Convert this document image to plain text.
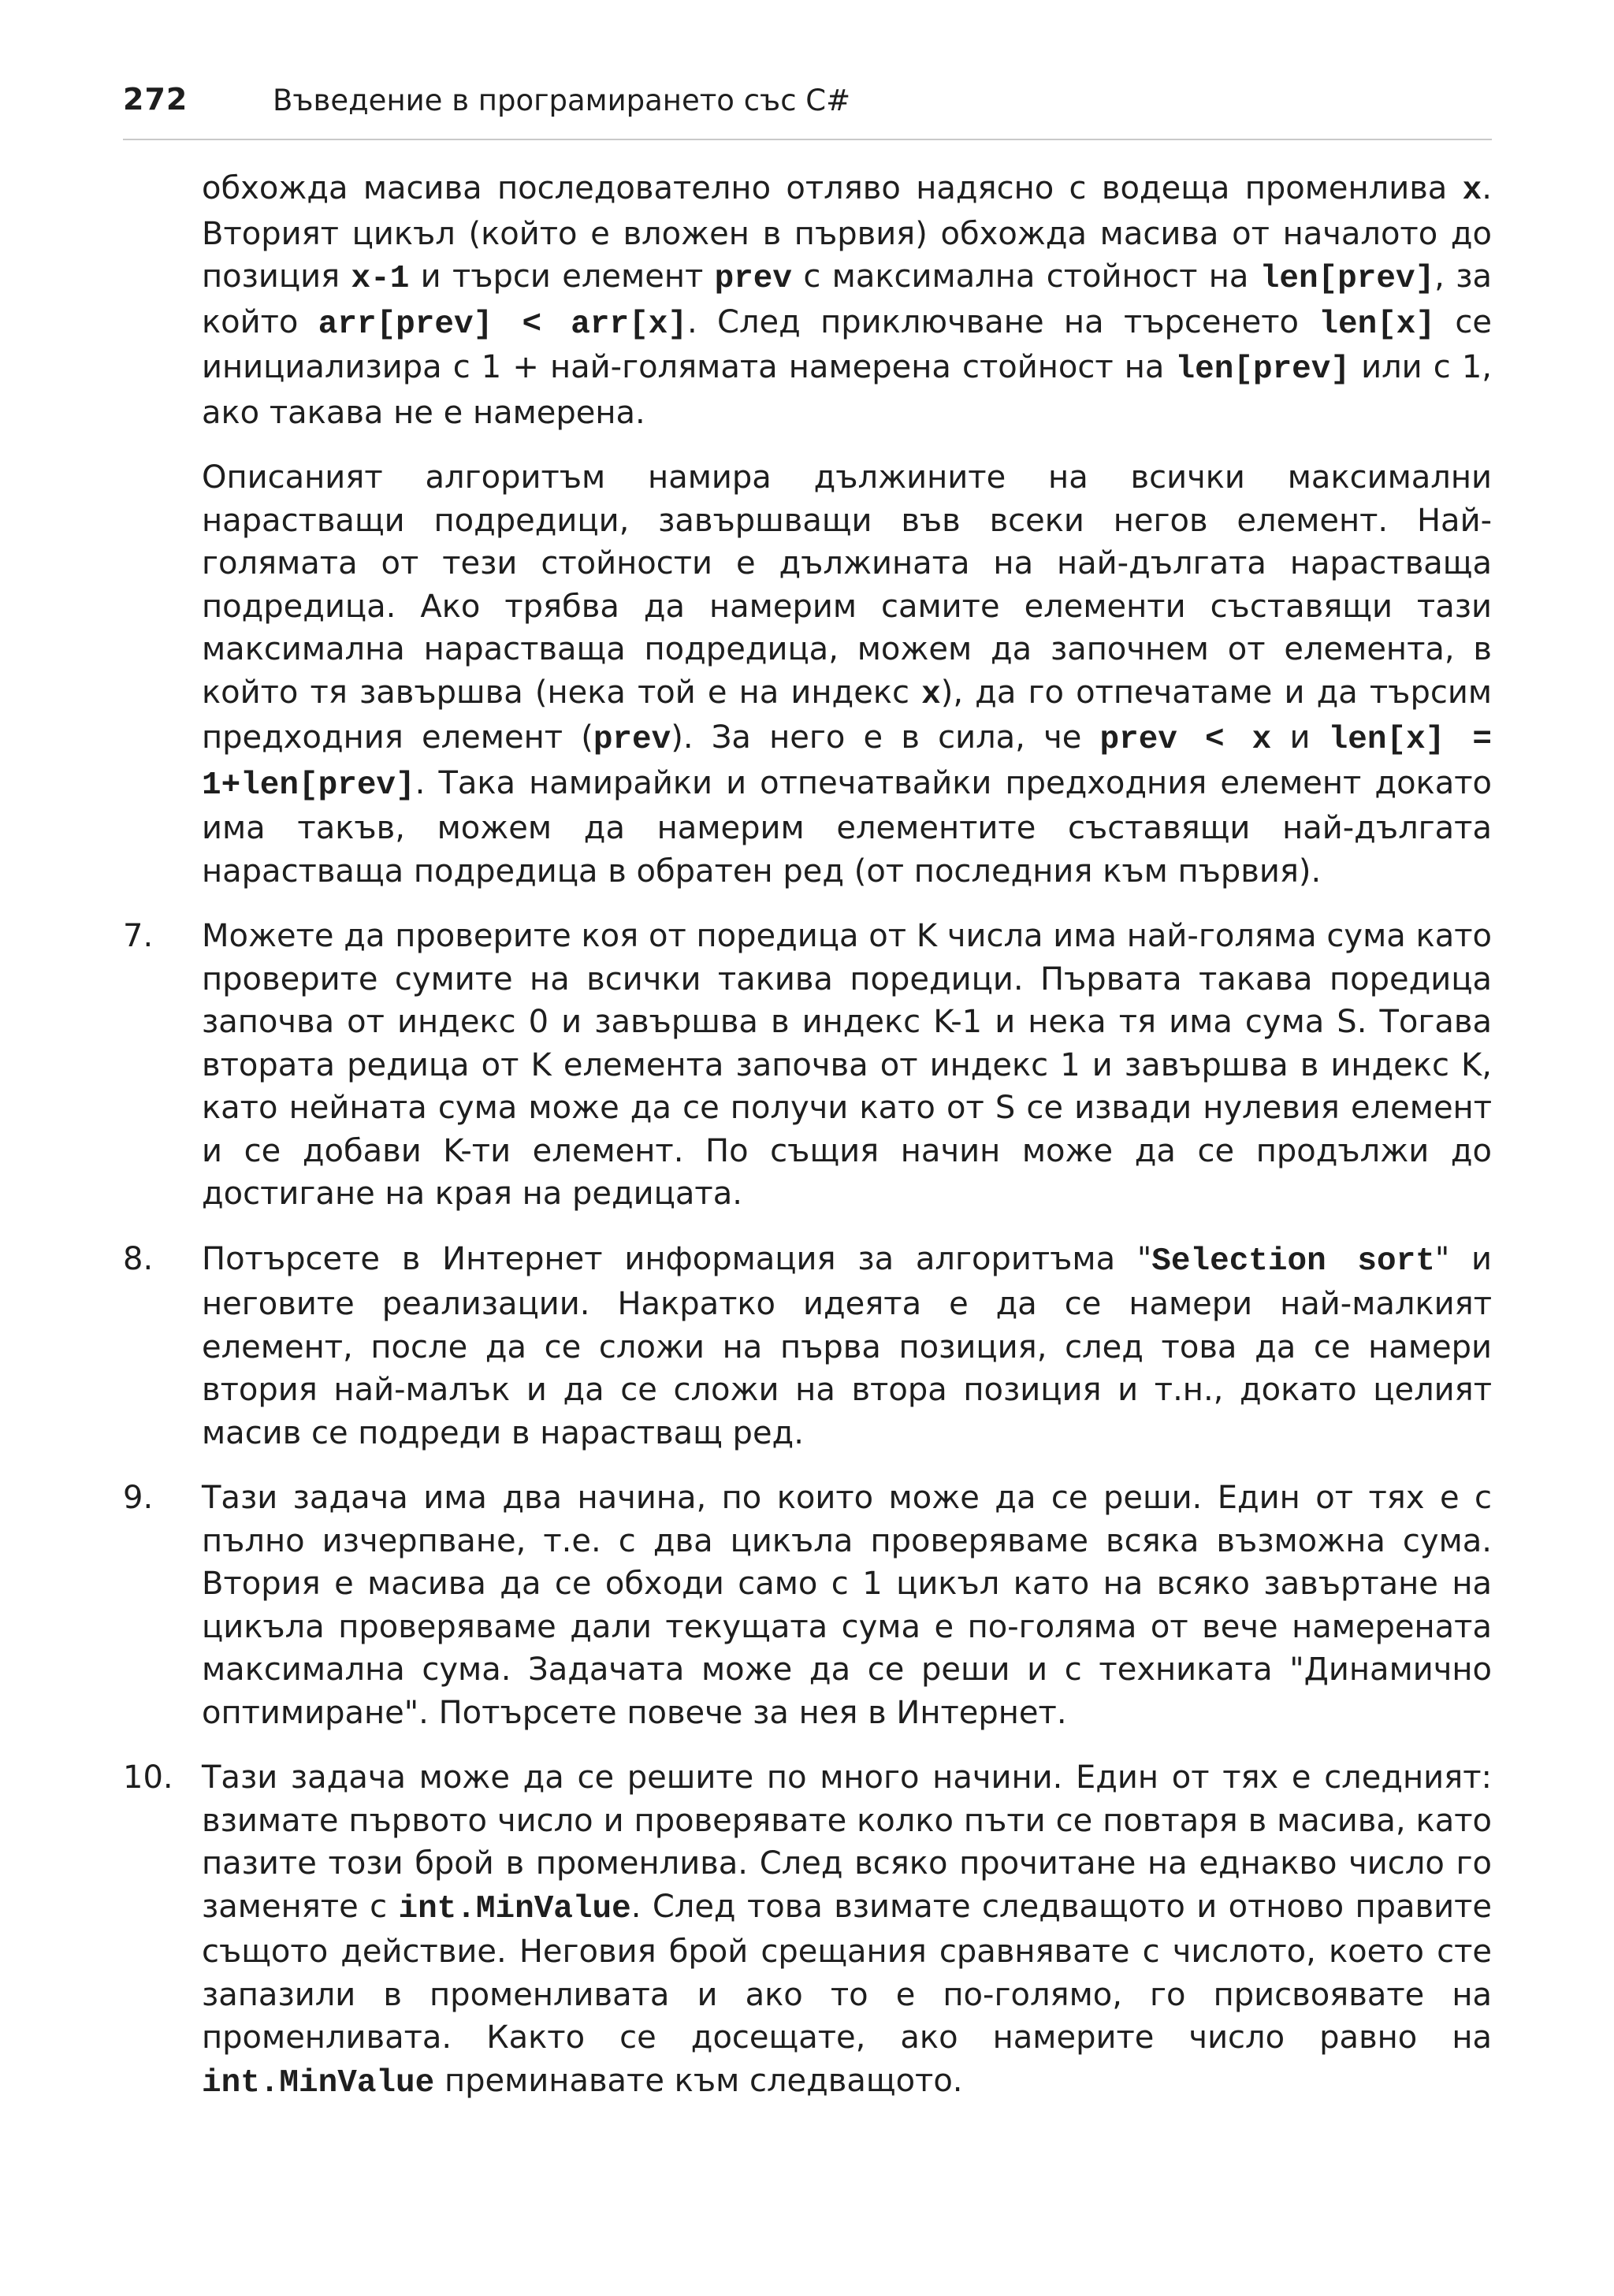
272	Въведение в програмирането със C#

обхожда масива последователно отляво надясно с водеща променлива x. Вторият цикъл (който е вложен в първия) обхожда масива от началото до позиция x-1 и търси елемент prev с максимална стойност на len[prev], за който arr[prev] < arr[x]. След приключване на търсенето len[x] се инициализира с 1 + най-голямата намерена стойност на len[prev] или с 1, ако такава не е намерена.

Описаният алгоритъм намира дължините на всички максимални нарастващи подредици, завършващи във всеки негов елемент. Най-голямата от тези стойности е дължината на най-дългата нарастваща подредица. Ако трябва да намерим самите елементи съставящи тази максимална нарастваща подредица, можем да започнем от елемента, в който тя завършва (нека той е на индекс x), да го отпечатаме и да търсим предходния елемент (prev). За него е в сила, че prev < x и len[x] = 1+len[prev]. Така намирайки и отпечатвайки предходния елемент докато има такъв, можем да намерим елементите съставящи най-дългата нарастваща подредица в обратен ред (от последния към първия).

7. Можете да проверите коя от поредица от K числа има най-голяма сума като проверите сумите на всички такива поредици. Първата такава поредица започва от индекс 0 и завършва в индекс K-1 и нека тя има сума S. Тогава втората редица от K елемента започва от индекс 1 и завършва в индекс K, като нейната сума може да се получи като от S се извади нулевия елемент и се добави K-ти елемент. По същия начин може да се продължи до достигане на края на редицата.

8. Потърсете в Интернет информация за алгоритъма "Selection sort" и неговите реализации. Накратко идеята е да се намери най-малкият елемент, после да се сложи на първа позиция, след това да се намери втория най-малък и да се сложи на втора позиция и т.н., докато целият масив се подреди в нарастващ ред.

9. Тази задача има два начина, по които може да се реши. Един от тях е с пълно изчерпване, т.е. с два цикъла проверяваме всяка възможна сума. Втория е масива да се обходи само с 1 цикъл като на всяко завъртане на цикъла проверяваме дали текущата сума е по-голяма от вече намерената максимална сума. Задачата може да се реши и с техниката "Динамично оптимиране". Потърсете повече за нея в Интернет.

10. Тази задача може да се решите по много начини. Един от тях е следният: взимате първото число и проверявате колко пъти се повтаря в масива, като пазите този брой в променлива. След всяко прочитане на еднакво число го заменяте с int.MinValue. След това взимате следващото и отново правите същото действие. Неговия брой срещания сравнявате с числото, което сте запазили в променливата и ако то е по-голямо, го присвоявате на променливата. Както се досещате, ако намерите число равно на int.MinValue преминавате към следващото.
